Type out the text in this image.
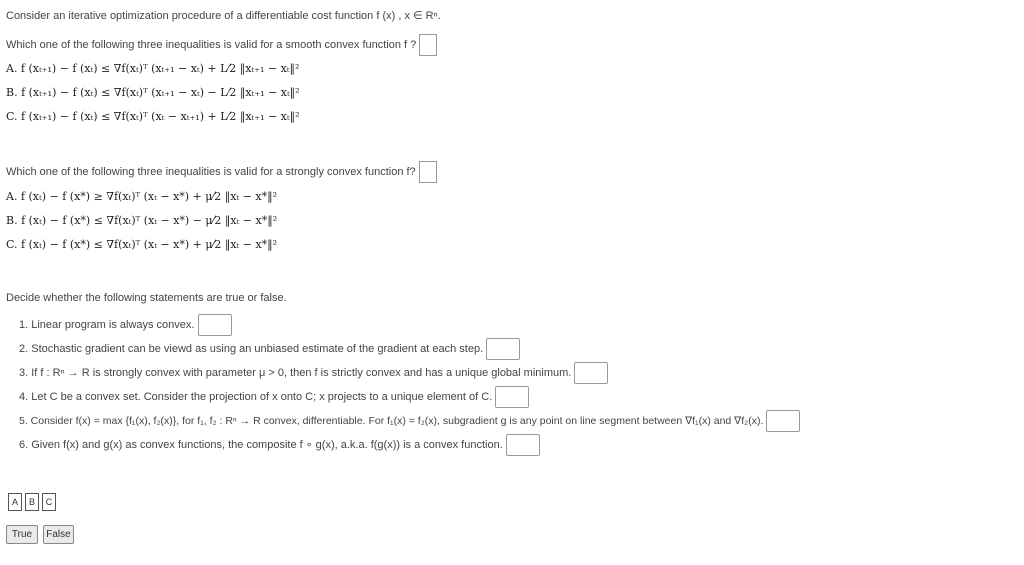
Consider an iterative optimization procedure of a differentiable cost function f (x) , x ∈ Rⁿ.
Which one of the following three inequalities is valid for a smooth convex function f ?
A. f (xₜ₊₁) − f (xₜ) ≤ ∇f(xₜ)ᵀ (xₜ₊₁ − xₜ) + L⁄2 ‖xₜ₊₁ − xₜ‖²
B. f (xₜ₊₁) − f (xₜ) ≤ ∇f(xₜ)ᵀ (xₜ₊₁ − xₜ) − L⁄2 ‖xₜ₊₁ − xₜ‖²
C. f (xₜ₊₁) − f (xₜ) ≤ ∇f(xₜ)ᵀ (xₜ − xₜ₊₁) + L⁄2 ‖xₜ₊₁ − xₜ‖²
Which one of the following three inequalities is valid for a strongly convex function f?
A. f (xₜ) − f (x*) ≥ ∇f(xₜ)ᵀ (xₜ − x*) + μ⁄2 ‖xₜ − x*‖²
B. f (xₜ) − f (x*) ≤ ∇f(xₜ)ᵀ (xₜ − x*) − μ⁄2 ‖xₜ − x*‖²
C. f (xₜ) − f (x*) ≤ ∇f(xₜ)ᵀ (xₜ − x*) + μ⁄2 ‖xₜ − x*‖²
Decide whether the following statements are true or false.
1. Linear program is always convex.
2. Stochastic gradient can be viewd as using an unbiased estimate of the gradient at each step.
3. If f : Rⁿ → R is strongly convex with parameter μ > 0, then f is strictly convex and has a unique global minimum.
4. Let C be a convex set. Consider the projection of x onto C; x projects to a unique element of C.
5. Consider f(x) = max {f₁(x), f₂(x)}, for f₁, f₂ : Rⁿ → R convex, differentiable. For f₁(x) = f₂(x), subgradient g is any point on line segment between ∇f₁(x) and ∇f₂(x).
6. Given f(x) and g(x) as convex functions, the composite f ∘ g(x), a.k.a. f(g(x)) is a convex function.
A	B	C
True	False
